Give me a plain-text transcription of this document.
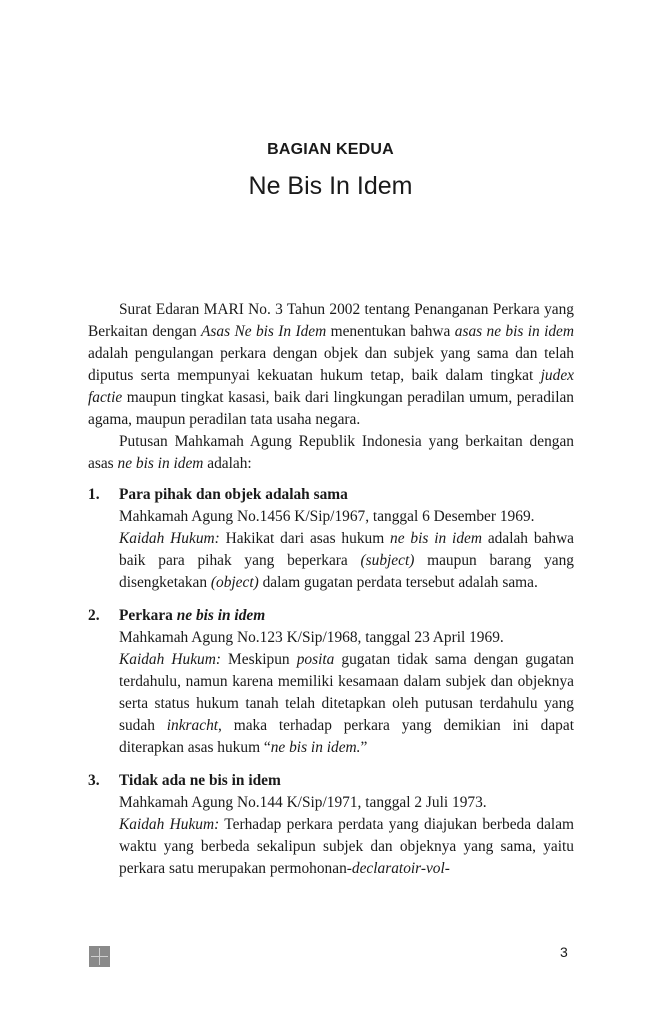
BAGIAN KEDUA
Ne Bis In Idem

Surat Edaran MARI No. 3 Tahun 2002 tentang Penanganan Perkara yang Berkaitan dengan Asas Ne bis In Idem menentukan bahwa asas ne bis in idem adalah pengulangan perkara dengan objek dan subjek yang sama dan telah diputus serta mempunyai kekuatan hukum tetap, baik dalam tingkat judex factie maupun tingkat kasasi, baik dari lingkungan peradilan umum, peradilan agama, maupun peradilan tata usaha negara.

Putusan Mahkamah Agung Republik Indonesia yang berkaitan dengan asas ne bis in idem adalah:

1. Para pihak dan objek adalah sama
Mahkamah Agung No.1456 K/Sip/1967, tanggal 6 Desember 1969.

Kaidah Hukum: Hakikat dari asas hukum ne bis in idem adalah bahwa baik para pihak yang beperkara (subject) maupun barang yang disengketakan (object) dalam gugatan perdata tersebut adalah sama.

2. Perkara ne bis in idem
Mahkamah Agung No.123 K/Sip/1968, tanggal 23 April 1969.

Kaidah Hukum: Meskipun posita gugatan tidak sama dengan gugatan terdahulu, namun karena memiliki kesamaan dalam subjek dan objeknya serta status hukum tanah telah ditetapkan oleh putusan terdahulu yang sudah inkracht, maka terhadap perkara yang demikian ini dapat diterapkan asas hukum “ne bis in idem.”

3. Tidak ada ne bis in idem
Mahkamah Agung No.144 K/Sip/1971, tanggal 2 Juli 1973.

Kaidah Hukum: Terhadap perkara perdata yang diajukan berbeda dalam waktu yang berbeda sekalipun subjek dan objeknya yang sama, yaitu perkara satu merupakan permohonan-declaratoir-vol-

3
